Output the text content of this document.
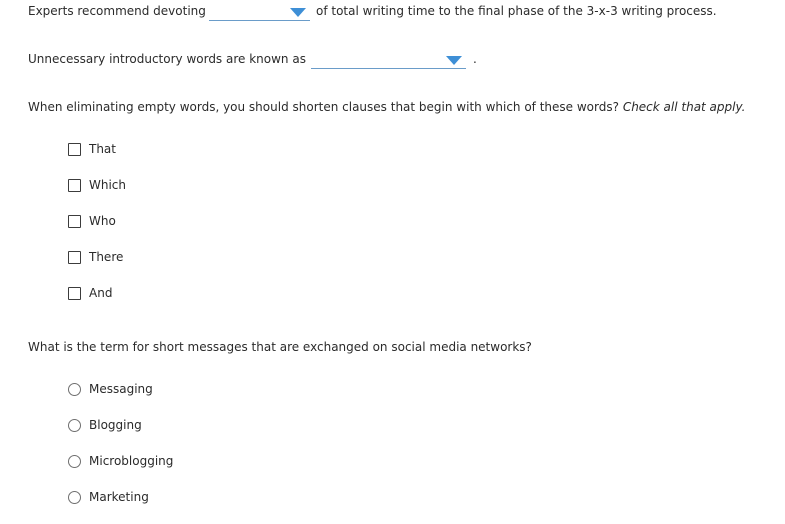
Experts recommend devoting	of total writing time to the final phase of the 3-x-3 writing process.
Unnecessary introductory words are known as	.
When eliminating empty words, you should shorten clauses that begin with which of these words? Check all that apply.
That
Which
Who
There
And
What is the term for short messages that are exchanged on social media networks?
Messaging
Blogging
Microblogging
Marketing
